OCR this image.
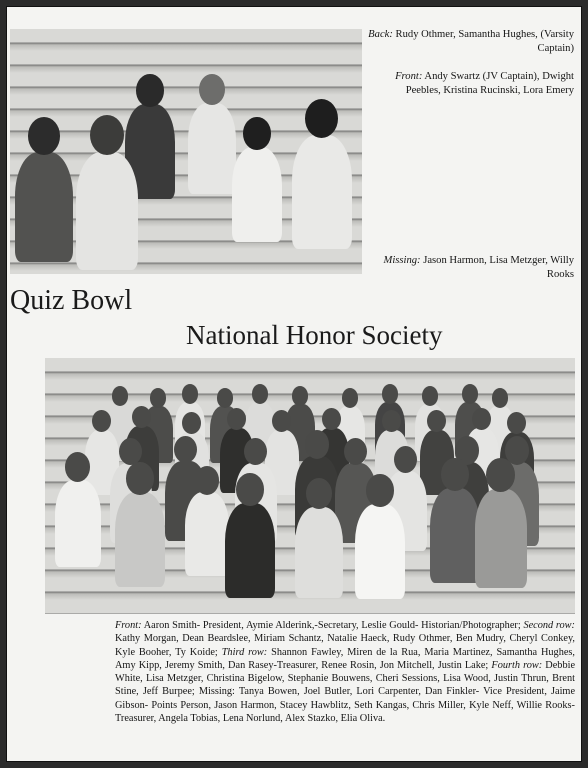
Back: Rudy Othmer, Samantha Hughes, (Varsity Captain)
Front: Andy Swartz (JV Captain), Dwight Peebles, Kristina Rucinski, Lora Emery
Missing: Jason Harmon, Lisa Metzger, Willy Rooks
Quiz Bowl
National Honor Society
Front: Aaron Smith- President, Aymie Alderink,-Secretary, Leslie Gould- Historian/Photographer; Second row: Kathy Morgan, Dean Beardslee, Miriam Schantz, Natalie Haeck, Rudy Othmer, Ben Mudry, Cheryl Conkey, Kyle Booher, Ty Koide; Third row: Shannon Fawley, Miren de la Rua, Maria Martinez, Samantha Hughes, Amy Kipp, Jeremy Smith, Dan Rasey-Treasurer, Renee Rosin, Jon Mitchell, Justin Lake; Fourth row: Debbie White, Lisa Metzger, Christina Bigelow, Stephanie Bouwens, Cheri Sessions, Lisa Wood, Justin Thrun, Brent Stine, Jeff Burpee; Missing: Tanya Bowen, Joel Butler, Lori Carpenter, Dan Finkler- Vice President, Jaime Gibson- Points Person, Jason Harmon, Stacey Hawblitz, Seth Kangas, Chris Miller, Kyle Neff, Willie Rooks- Treasurer, Angela Tobias, Lena Norlund, Alex Stazko, Elia Oliva.
